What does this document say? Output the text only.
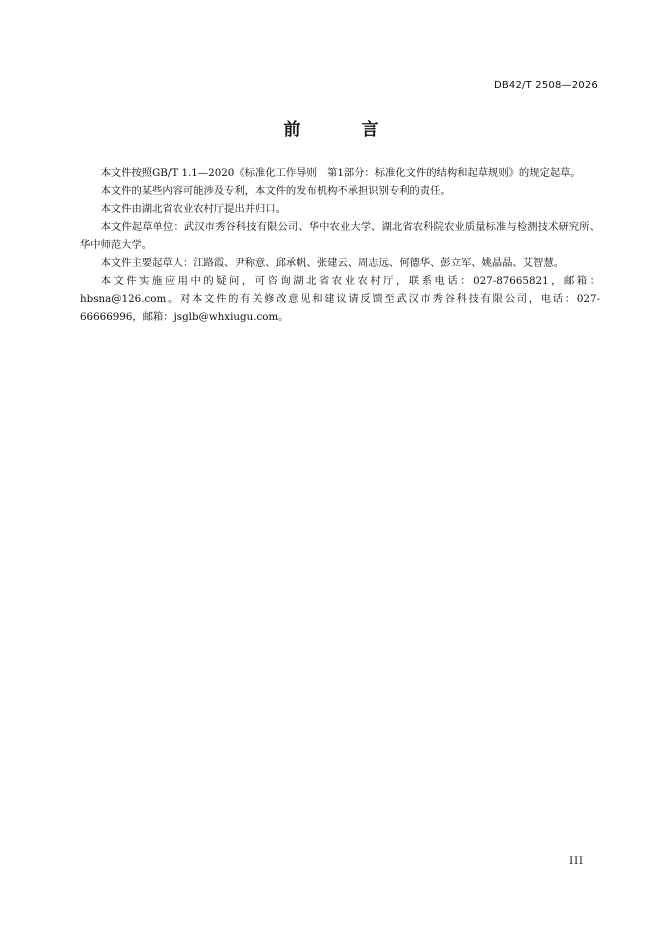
DB42/T 2508—2026
前　言

本文件按照GB/T 1.1—2020《标准化工作导则　第1部分：标准化文件的结构和起草规则》的规定起草。

本文件的某些内容可能涉及专利，本文件的发布机构不承担识别专利的责任。

本文件由湖北省农业农村厅提出并归口。

本文件起草单位：武汉市秀谷科技有限公司、华中农业大学、湖北省农科院农业质量标准与检测技术研究所、华中师范大学。

本文件主要起草人：江路霞、尹称意、邱承帆、张建云、周志远、何德华、彭立军、姚晶晶、艾智慧。

本文件实施应用中的疑问，可咨询湖北省农业农村厅，联系电话：027-87665821，邮箱：hbsna@126.com。对本文件的有关修改意见和建议请反馈至武汉市秀谷科技有限公司，电话：027-66666996，邮箱：jsglb@whxiugu.com。

III
